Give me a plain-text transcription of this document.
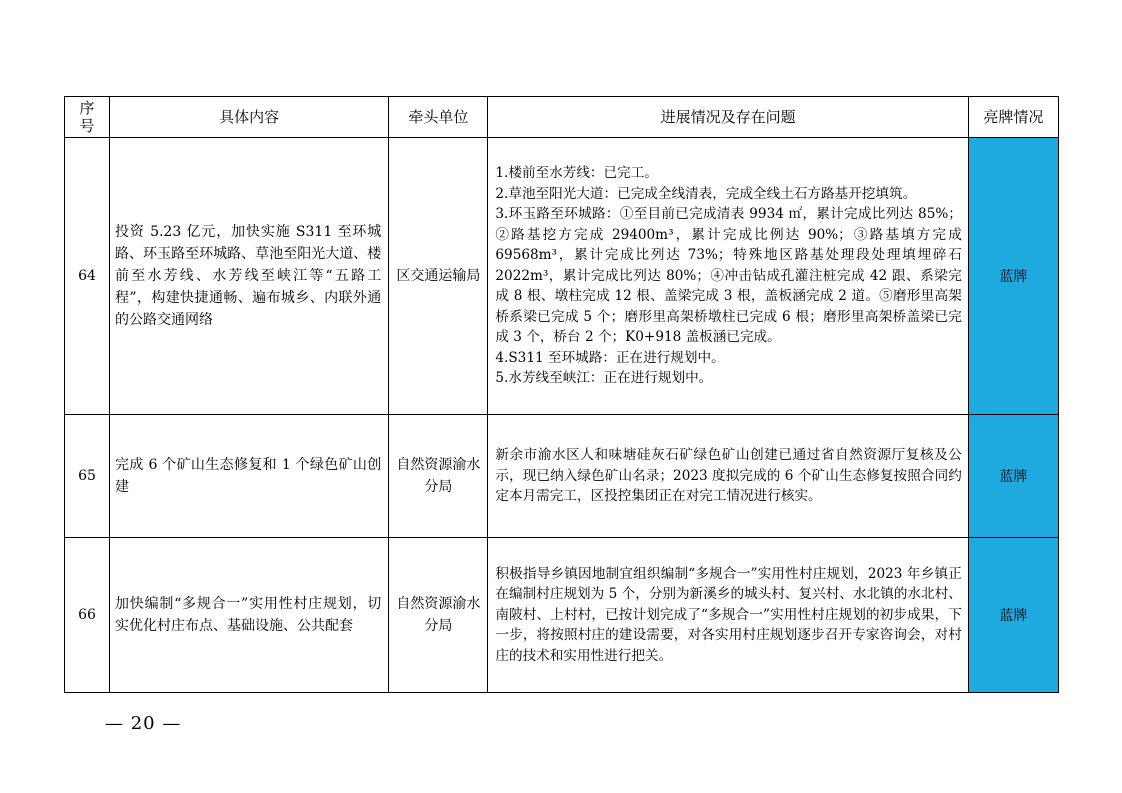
序号	具体内容	牵头单位	进展情况及存在问题	亮牌情况
64	投资 5.23 亿元，加快实施 S311 至环城路、环玉路至环城路、草池至阳光大道、楼前至水芳线、水芳线至峡江等“五路工程”，构建快捷通畅、遍布城乡、内联外通的公路交通网络	区交通运输局	1.楼前至水芳线：已完工。
2.草池至阳光大道：已完成全线清表，完成全线土石方路基开挖填筑。
3.环玉路至环城路：①至目前已完成清表 9934 ㎡，累计完成比列达 85%；②路基挖方完成 29400m³，累计完成比例达 90%；③路基填方完成 69568m³，累计完成比列达 73%；特殊地区路基处理段处理填埋碎石 2022m³，累计完成比列达 80%；④冲击钻成孔灌注桩完成 42 跟、系梁完成 8 根、墩柱完成 12 根、盖梁完成 3 根，盖板涵完成 2 道。⑤磨形里高架桥系梁已完成 5 个；磨形里高架桥墩柱已完成 6 根；磨形里高架桥盖梁已完成 3 个，桥台 2 个；K0+918 盖板涵已完成。
4.S311 至环城路：正在进行规划中。
5.水芳线至峡江：正在进行规划中。	蓝牌
65	完成 6 个矿山生态修复和 1 个绿色矿山创建	自然资源渝水分局	新余市渝水区人和味塘硅灰石矿绿色矿山创建已通过省自然资源厅复核及公示，现已纳入绿色矿山名录；2023 度拟完成的 6 个矿山生态修复按照合同约定本月需完工，区投控集团正在对完工情况进行核实。	蓝牌
66	加快编制“多规合一”实用性村庄规划，切实优化村庄布点、基础设施、公共配套	自然资源渝水分局	积极指导乡镇因地制宜组织编制“多规合一”实用性村庄规划，2023 年乡镇正在编制村庄规划为 5 个，分别为新溪乡的城头村、复兴村、水北镇的水北村、南陂村、上村村，已按计划完成了“多规合一”实用性村庄规划的初步成果，下一步，将按照村庄的建设需要，对各实用村庄规划逐步召开专家咨询会，对村庄的技术和实用性进行把关。	蓝牌
— 20 —
